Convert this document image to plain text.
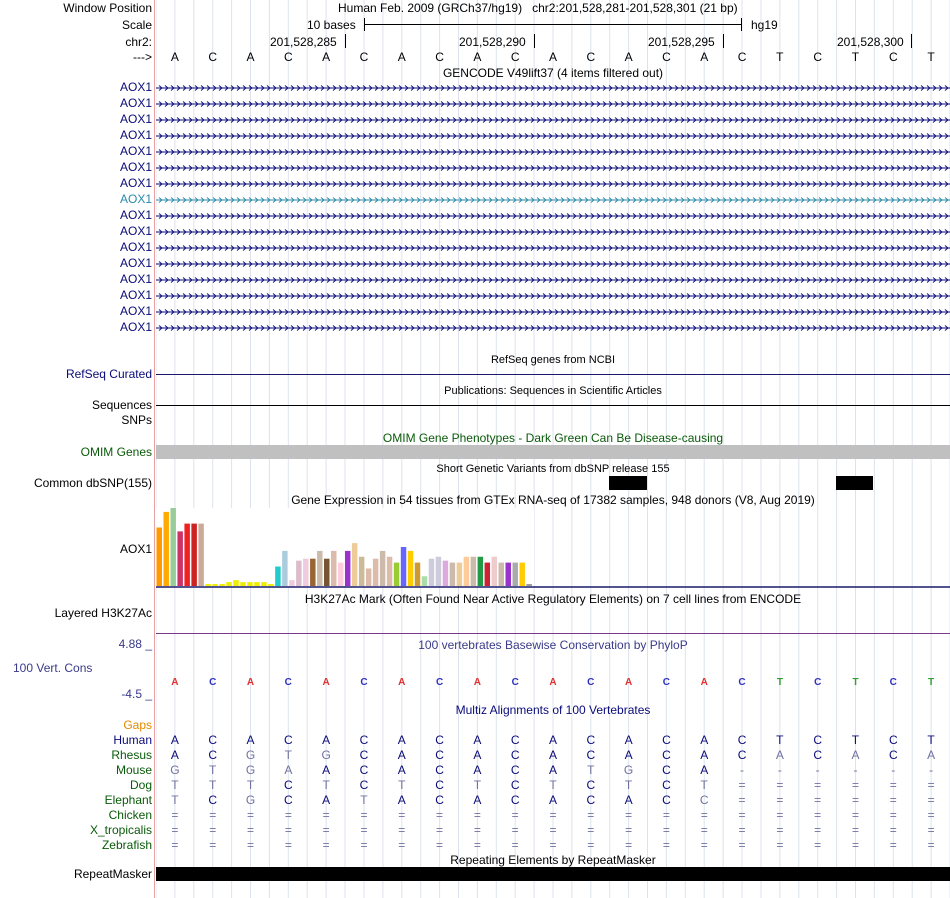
Window Position	Human Feb. 2009 (GRCh37/hg19) chr2:201,528,281-201,528,301 (21 bp)
Scale	10 bases	hg19
chr2:	201,528,285	201,528,290	201,528,295	201,528,300
--->	A	C	A	C	A	C	A	C	A	C	A	C	A	C	A	C	T	C	T	C	T
GENCODE V49lift37 (4 items filtered out)
AOX1
AOX1
AOX1
AOX1
AOX1
AOX1
AOX1
AOX1
AOX1
AOX1
AOX1
AOX1
AOX1
AOX1
AOX1
AOX1
RefSeq genes from NCBI
RefSeq Curated
Publications: Sequences in Scientific Articles
Sequences
SNPs
OMIM Gene Phenotypes - Dark Green Can Be Disease-causing
OMIM Genes
Short Genetic Variants from dbSNP release 155
Common dbSNP(155)
Gene Expression in 54 tissues from GTEx RNA-seq of 17382 samples, 948 donors (V8, Aug 2019)
AOX1
H3K27Ac Mark (Often Found Near Active Regulatory Elements) on 7 cell lines from ENCODE
Layered H3K27Ac
100 vertebrates Basewise Conservation by PhyloP
4.88 _
100 Vert. Cons
-4.5 _
A	C	A	C	A	C	A	C	A	C	A	C	A	C	A	C	T	C	T	C	T
Multiz Alignments of 100 Vertebrates
Gaps
Human	A	C	A	C	A	C	A	C	A	C	A	C	A	C	A	C	T	C	T	C	T
Rhesus	A	C	G	T	G	C	A	C	A	C	A	C	A	C	A	C	A	C	A	C	A
Mouse	G	T	G	A	A	C	A	C	A	C	A	T	G	C	A	-	-	-	-	-	-
Dog	T	T	T	C	T	C	T	C	T	C	T	C	T	C	T	=	=	=	=	=	=
Elephant	T	C	G	C	A	T	A	C	A	C	A	C	A	C	C	=	=	=	=	=	=
Chicken	=	=	=	=	=	=	=	=	=	=	=	=	=	=	=	=	=	=	=	=	=
X_tropicalis	=	=	=	=	=	=	=	=	=	=	=	=	=	=	=	=	=	=	=	=	=
Zebrafish	=	=	=	=	=	=	=	=	=	=	=	=	=	=	=	=	=	=	=	=	=
Repeating Elements by RepeatMasker
RepeatMasker
